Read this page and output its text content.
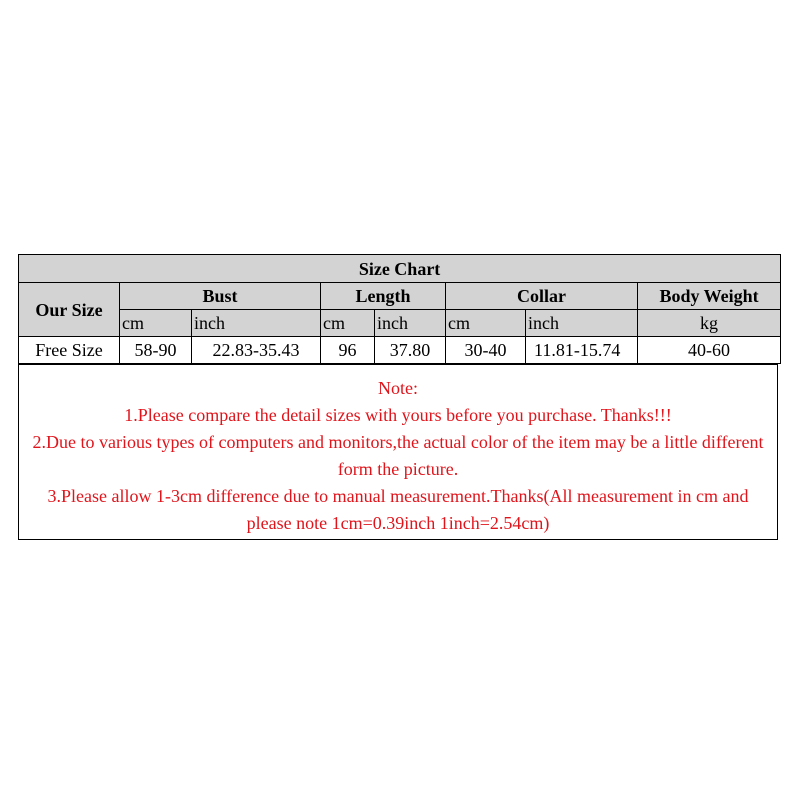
Size Chart							
Our Size	Bust		Length		Collar		Body Weight
	cm	inch	cm	inch	cm	inch	kg
Free Size	58-90	22.83-35.43	96	37.80	30-40	11.81-15.74	40-60

Note:

1.Please compare the detail sizes with yours before you purchase. Thanks!!!

2.Due to various types of computers and monitors,the actual color of the item may be a little different form the picture.

3.Please allow 1-3cm difference due to manual measurement.Thanks(All measurement in cm and please note 1cm=0.39inch 1inch=2.54cm)
